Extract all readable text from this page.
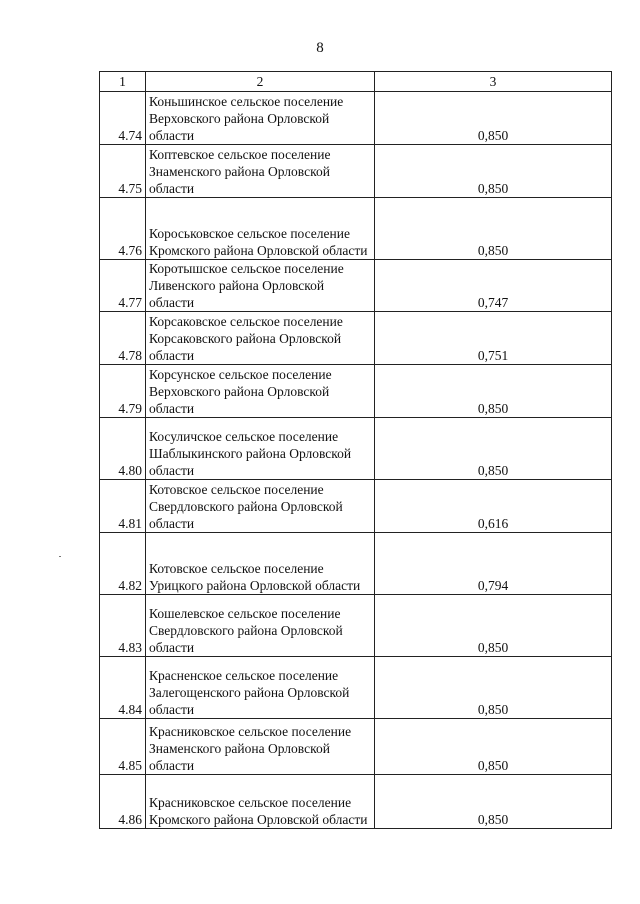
8
1	2	3
4.74	Коньшинское сельское поселение Верховского района Орловской области	0,850
4.75	Коптевское сельское поселение Знаменского района Орловской области	0,850
4.76	Короськовское сельское поселение Кромского района Орловской области	0,850
4.77	Коротышское сельское поселение Ливенского района Орловской области	0,747
4.78	Корсаковское сельское поселение Корсаковского района Орловской области	0,751
4.79	Корсунское сельское поселение Верховского района Орловской области	0,850
4.80	Косуличское сельское поселение Шаблыкинского района Орловской области	0,850
4.81	Котовское сельское поселение Свердловского района Орловской области	0,616
4.82	Котовское сельское поселение Урицкого района Орловской области	0,794
4.83	Кошелевское сельское поселение Свердловского района Орловской области	0,850
4.84	Красненское сельское поселение Залегощенского района Орловской области	0,850
4.85	Красниковское сельское поселение Знаменского района Орловской области	0,850
4.86	Красниковское сельское поселение Кромского района Орловской области	0,850
